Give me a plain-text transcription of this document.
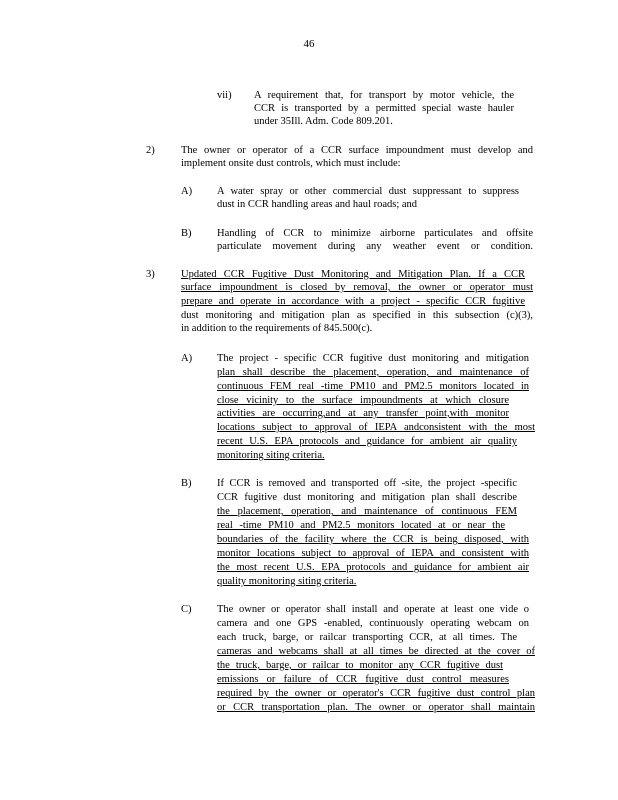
46
vii) A requirement that, for transport by motor vehicle, the
CCR is transported by a permitted special waste hauler
under 35Ill. Adm. Code 809.201.
2)	The owner or operator of a CCR surface impoundment must develop and
implement onsite dust controls, which must include:
A) A water spray or other commercial dust suppressant to suppress
dust in CCR handling areas and haul roads; and
B) Handling of CCR to minimize airborne particulates and offsite
particulate movement during any weather event or condition.
3)	Updated CCR Fugitive Dust Monitoring and Mitigation Plan. If a CCR
surface impoundment is closed by removal, the owner or operator must
prepare and operate in accordance with a project - specific CCR fugitive
dust monitoring and mitigation plan as specified in this subsection (c)(3),
in addition to the requirements of 845.500(c).
A) The project - specific CCR fugitive dust monitoring and mitigation
plan shall describe the placement, operation, and maintenance of
continuous FEM real -time PM10 and PM2.5 monitors located in
close vicinity to the surface impoundments at which closure
activities are occurring,and at any transfer point,with monitor
locations subject to approval of IEPA andconsistent with the most
recent U.S. EPA protocols and guidance for ambient air quality
monitoring siting criteria.
B) If CCR is removed and transported off -site, the project -specific
CCR fugitive dust monitoring and mitigation plan shall describe
the placement, operation, and maintenance of continuous FEM
real -time PM10 and PM2.5 monitors located at or near the
boundaries of the facility where the CCR is being disposed, with
monitor locations subject to approval of IEPA and consistent with
the most recent U.S. EPA protocols and guidance for ambient air
quality monitoring siting criteria.
C) The owner or operator shall install and operate at least one vide o
camera and one GPS -enabled, continuously operating webcam on
each truck, barge, or railcar transporting CCR, at all times. The
cameras and webcams shall at all times be directed at the cover of
the truck, barge, or railcar to monitor any CCR fugitive dust
emissions or failure of CCR fugitive dust control measures
required by the owner or operator's CCR fugitive dust control plan
or CCR transportation plan. The owner or operator shall maintain
